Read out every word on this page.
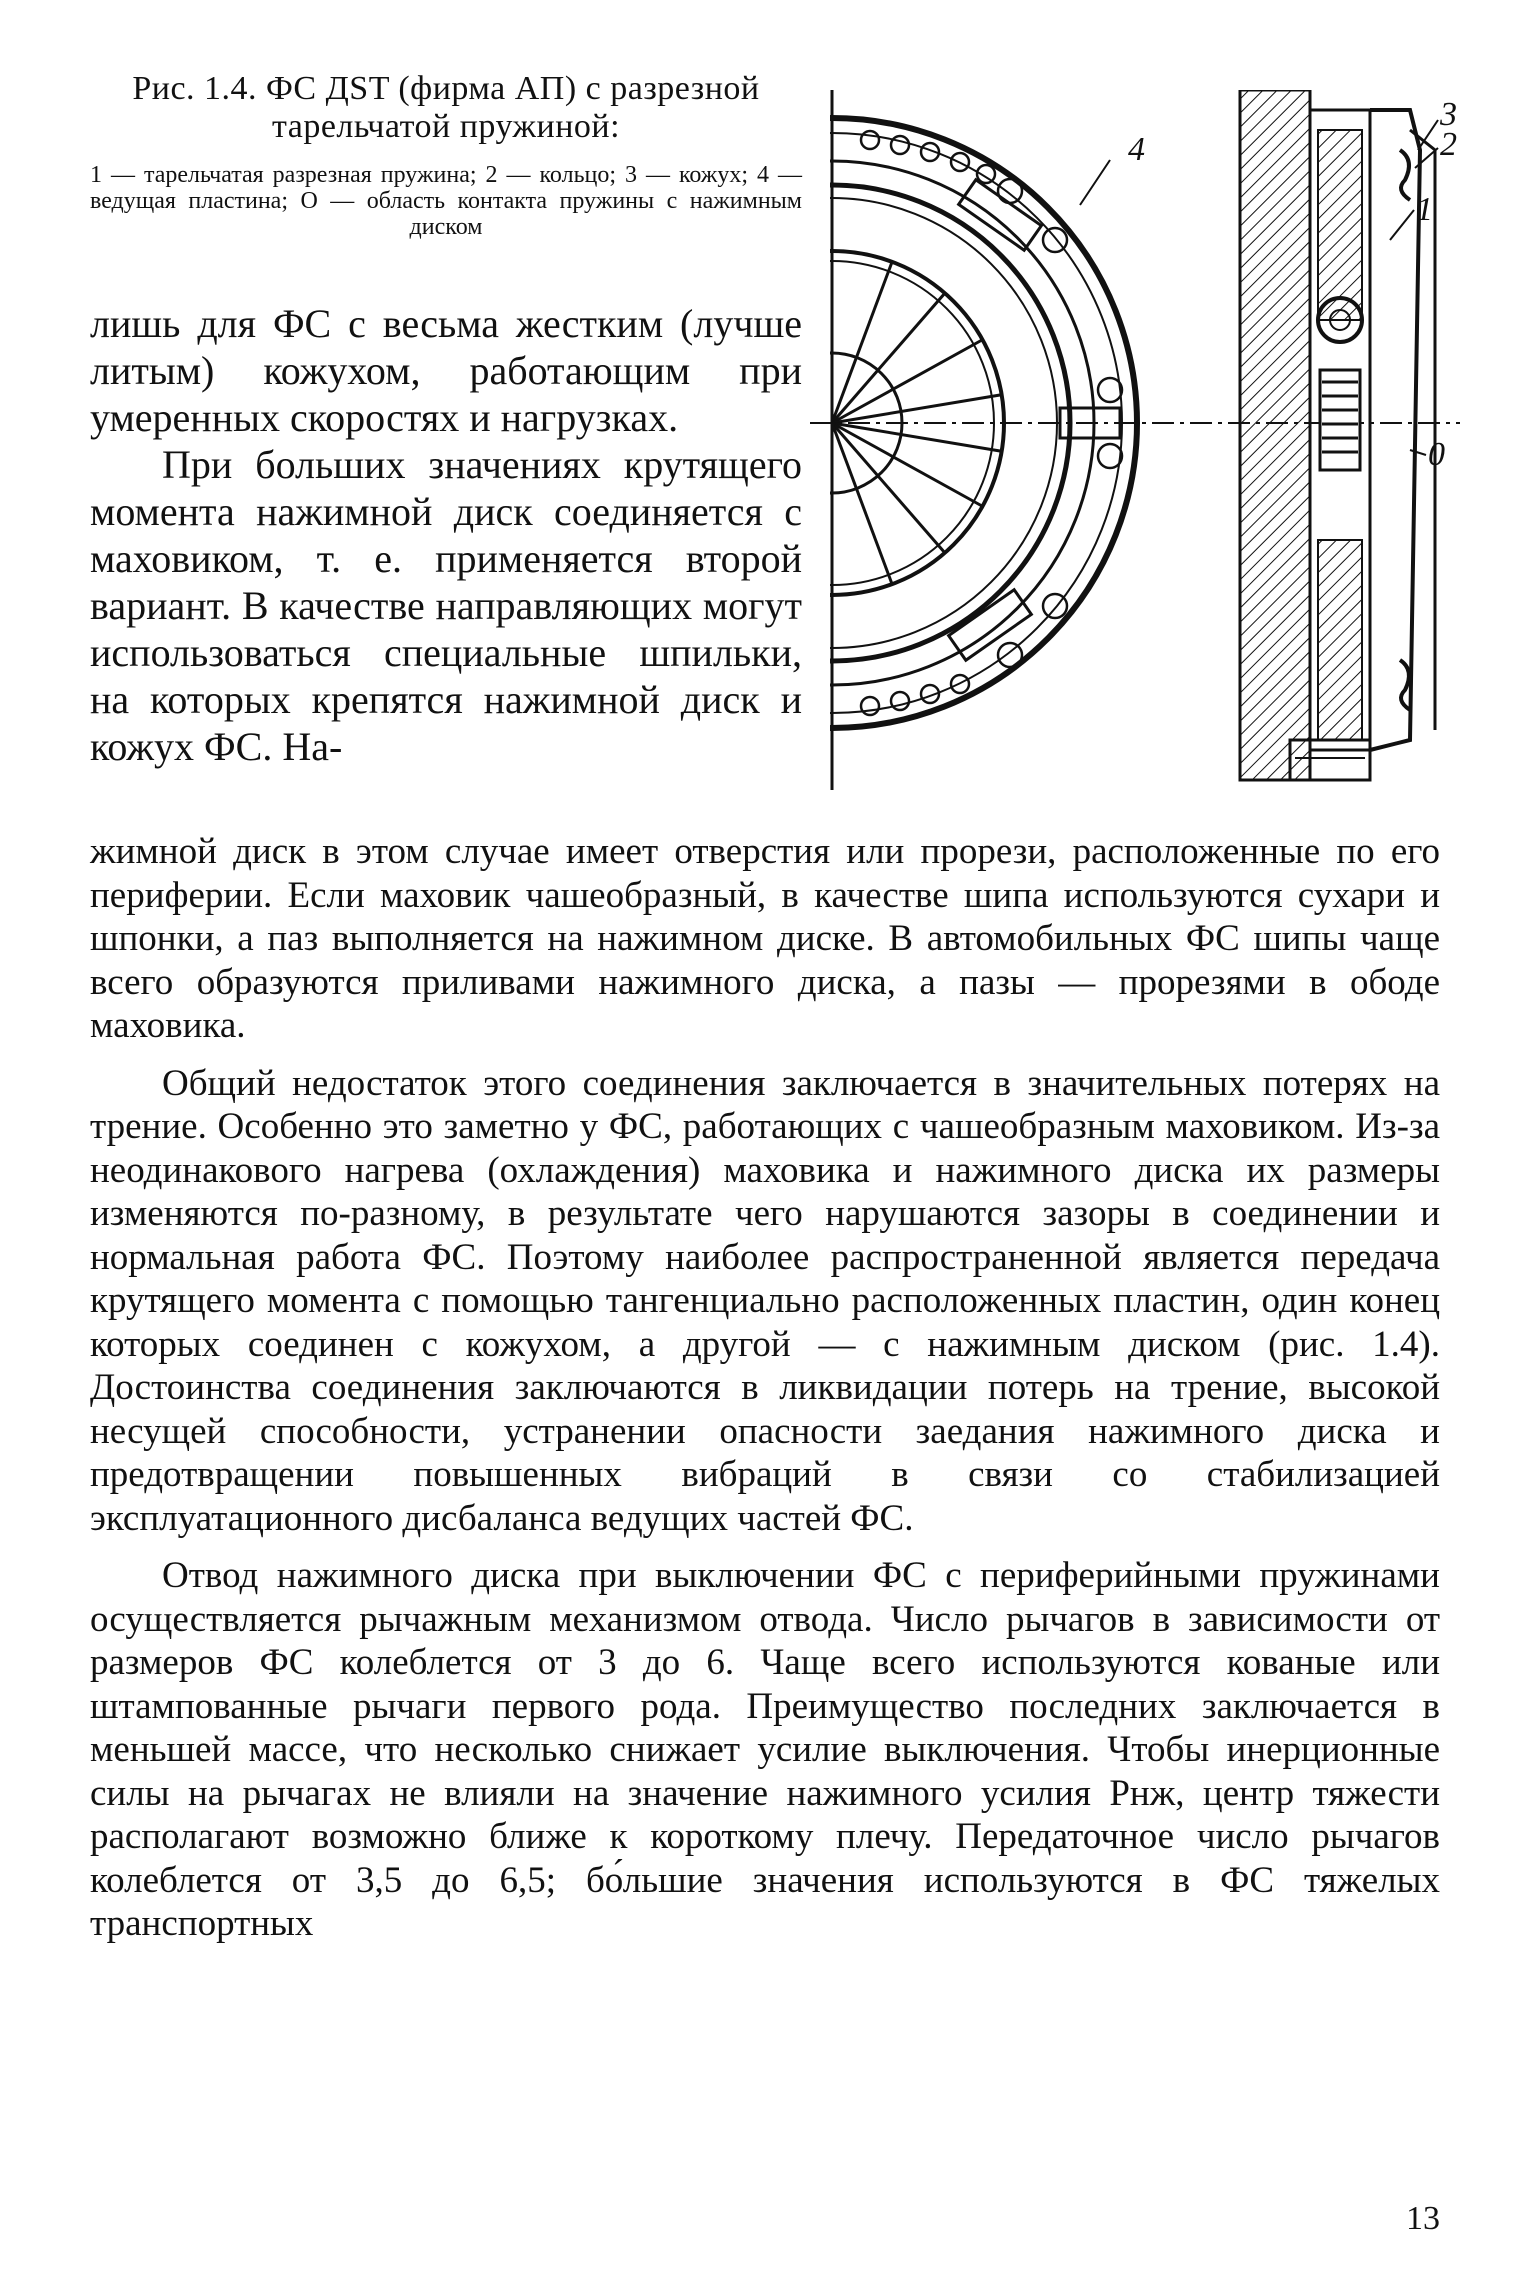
Рис. 1.4. ФС ДST (фирма АП) с разрезной тарельчатой пружиной:

1 — тарельчатая разрезная пружина; 2 — кольцо; 3 — кожух; 4 — ведущая пластина; О — область контакта пружины с нажимным диском

4
3
2
1
0

лишь для ФС с весьма жестким (лучше литым) кожухом, работающим при умеренных скоростях и нагрузках.

При больших значениях крутящего момента нажимной диск соединяется с маховиком, т. е. применяется второй вариант. В качестве направляющих могут использоваться специальные шпильки, на которых крепятся нажимной диск и кожух ФС. На-

жимной диск в этом случае имеет отверстия или прорези, расположенные по его периферии. Если маховик чашеобразный, в качестве шипа используются сухари и шпонки, а паз выполняется на нажимном диске. В автомобильных ФС шипы чаще всего образуются приливами нажимного диска, а пазы — прорезями в ободе маховика.

Общий недостаток этого соединения заключается в значительных потерях на трение. Особенно это заметно у ФС, работающих с чашеобразным маховиком. Из-за неодинакового нагрева (охлаждения) маховика и нажимного диска их размеры изменяются по-разному, в результате чего нарушаются зазоры в соединении и нормальная работа ФС. Поэтому наиболее распространенной является передача крутящего момента с помощью тангенциально расположенных пластин, один конец которых соединен с кожухом, а другой — с нажимным диском (рис. 1.4). Достоинства соединения заключаются в ликвидации потерь на трение, высокой несущей способности, устранении опасности заедания нажимного диска и предотвращении повышенных вибраций в связи со стабилизацией эксплуатационного дисбаланса ведущих частей ФС.

Отвод нажимного диска при выключении ФС с периферийными пружинами осуществляется рычажным механизмом отвода. Число рычагов в зависимости от размеров ФС колеблется от 3 до 6. Чаще всего используются кованые или штампованные рычаги первого рода. Преимущество последних заключается в меньшей массе, что несколько снижает усилие выключения. Чтобы инерционные силы на рычагах не влияли на значение нажимного усилия Рнж, центр тяжести располагают возможно ближе к короткому плечу. Передаточное число рычагов колеблется от 3,5 до 6,5; бо́льшие значения используются в ФС тяжелых транспортных

13
